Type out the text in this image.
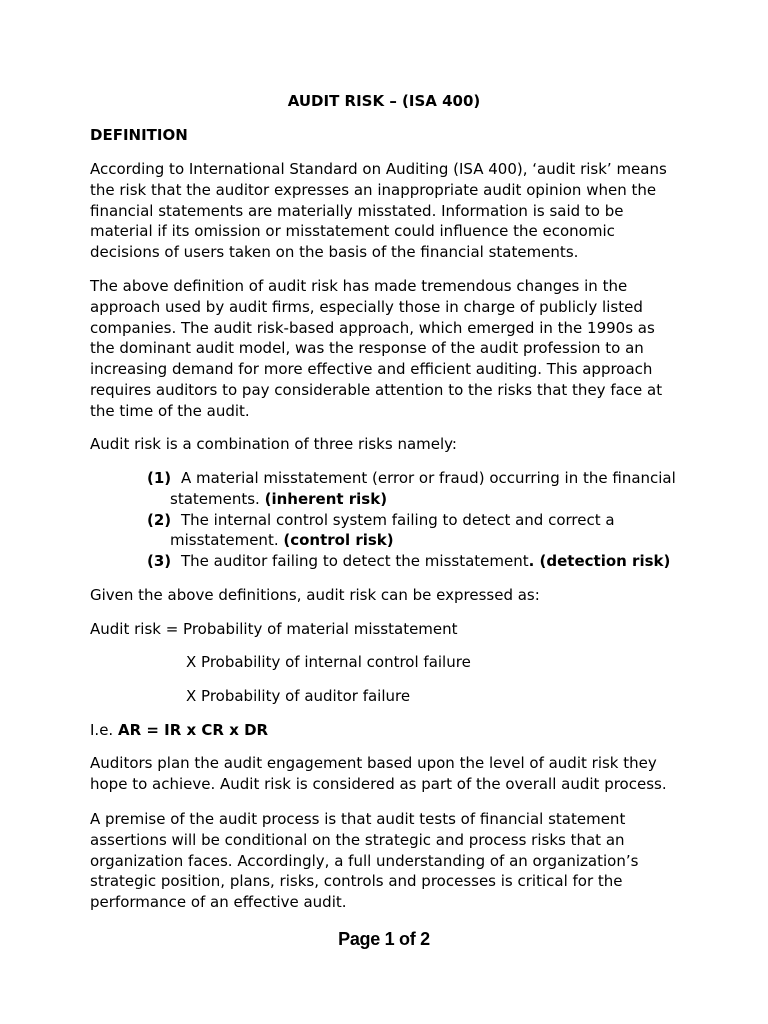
AUDIT RISK – (ISA 400)
DEFINITION

According to International Standard on Auditing (ISA 400), ‘audit risk’ means the risk that the auditor expresses an inappropriate audit opinion when the financial statements are materially misstated. Information is said to be material if its omission or misstatement could influence the economic decisions of users taken on the basis of the financial statements.

The above definition of audit risk has made tremendous changes in the approach used by audit firms, especially those in charge of publicly listed companies. The audit risk-based approach, which emerged in the 1990s as the dominant audit model, was the response of the audit profession to an increasing demand for more effective and efficient auditing. This approach requires auditors to pay considerable attention to the risks that they face at the time of the audit.

Audit risk is a combination of three risks namely:

(1) A material misstatement (error or fraud) occurring in the financial statements. (inherent risk)
(2) The internal control system failing to detect and correct a misstatement. (control risk)
(3) The auditor failing to detect the misstatement. (detection risk)

Given the above definitions, audit risk can be expressed as:

Audit risk = Probability of material misstatement

X Probability of internal control failure

X Probability of auditor failure

I.e. AR = IR x CR x DR

Auditors plan the audit engagement based upon the level of audit risk they hope to achieve. Audit risk is considered as part of the overall audit process.

A premise of the audit process is that audit tests of financial statement assertions will be conditional on the strategic and process risks that an organization faces. Accordingly, a full understanding of an organization’s strategic position, plans, risks, controls and processes is critical for the performance of an effective audit.

Page 1 of 2
